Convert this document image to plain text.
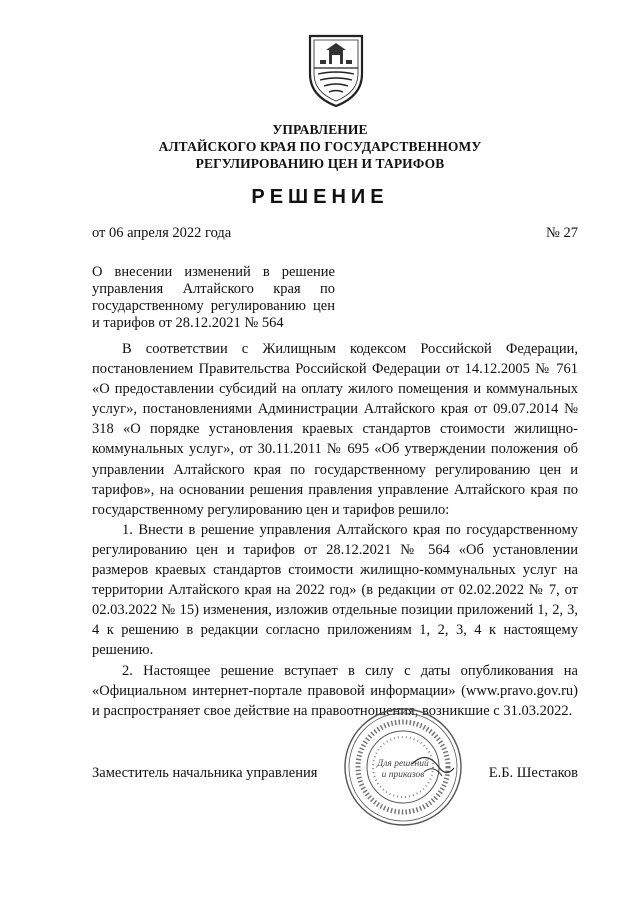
УПРАВЛЕНИЕ
АЛТАЙСКОГО КРАЯ ПО ГОСУДАРСТВЕННОМУ
РЕГУЛИРОВАНИЮ ЦЕН И ТАРИФОВ
РЕШЕНИЕ
от 06 апреля 2022 года	№ 27
О внесении изменений в решение управления Алтайского края по государственному регулированию цен и тарифов от 28.12.2021 № 564

В соответствии с Жилищным кодексом Российской Федерации, постановлением Правительства Российской Федерации от 14.12.2005 № 761 «О предоставлении субсидий на оплату жилого помещения и коммунальных услуг», постановлениями Администрации Алтайского края от 09.07.2014 № 318 «О порядке установления краевых стандартов стоимости жилищно-коммунальных услуг», от 30.11.2011 № 695 «Об утверждении положения об управлении Алтайского края по государственному регулированию цен и тарифов», на основании решения правления управление Алтайского края по государственному регулированию цен и тарифов решило:

1. Внести в решение управления Алтайского края по государственному регулированию цен и тарифов от 28.12.2021 № 564 «Об установлении размеров краевых стандартов стоимости жилищно-коммунальных услуг на территории Алтайского края на 2022 год» (в редакции от 02.02.2022 № 7, от 02.03.2022 № 15) изменения, изложив отдельные позиции приложений 1, 2, 3, 4 к решению в редакции согласно приложениям 1, 2, 3, 4 к настоящему решению.

2. Настоящее решение вступает в силу с даты опубликования на «Официальном интернет-портале правовой информации» (www.pravo.gov.ru) и распространяет свое действие на правоотношения, возникшие с 31.03.2022.

Заместитель начальника управления	Е.Б. Шестаков
Для решений
и приказов
